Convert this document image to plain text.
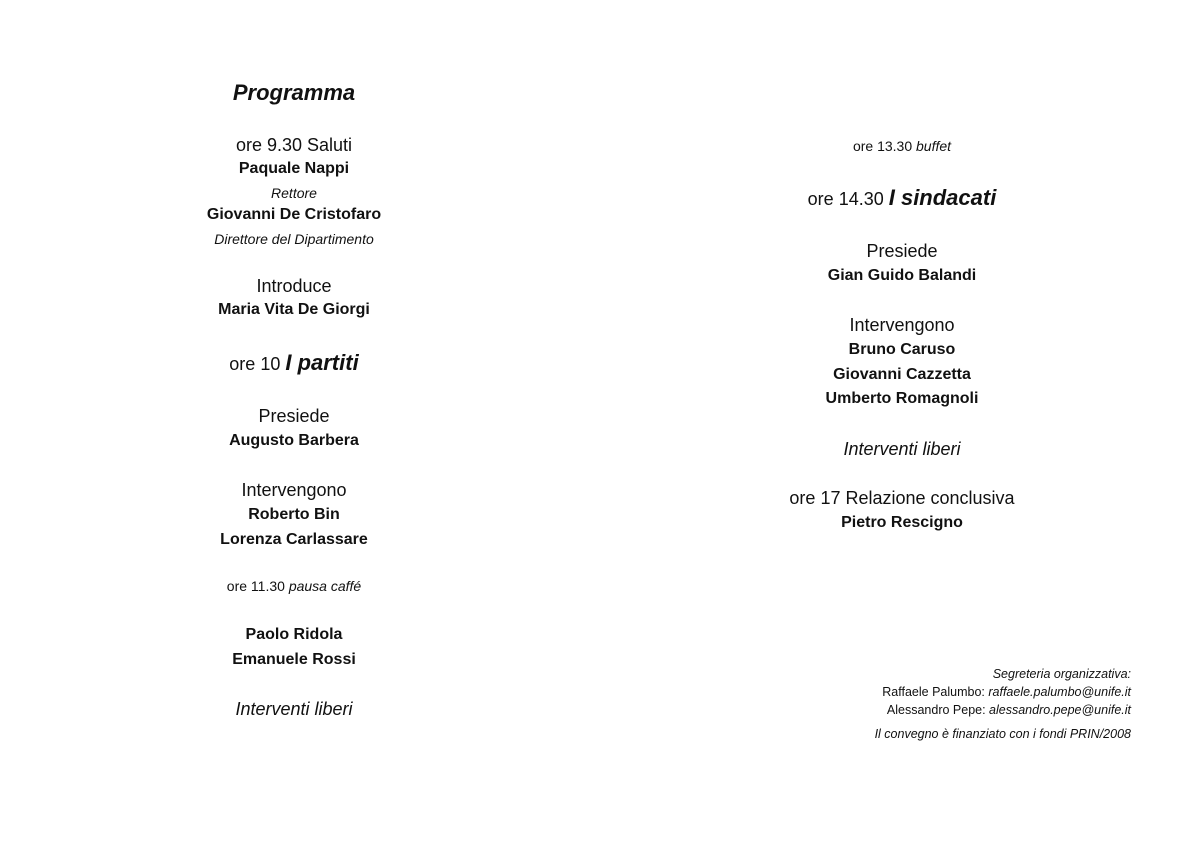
Programma
ore 9.30 Saluti
Paquale Nappi
Rettore
Giovanni De Cristofaro
Direttore del Dipartimento
Introduce
Maria Vita De Giorgi
ore 10 I partiti
Presiede
Augusto Barbera
Intervengono
Roberto Bin
Lorenza Carlassare
ore 11.30 pausa caffé
Paolo Ridola
Emanuele Rossi
Interventi liberi
ore 13.30 buffet
ore 14.30 I sindacati
Presiede
Gian Guido Balandi
Intervengono
Bruno Caruso
Giovanni Cazzetta
Umberto Romagnoli
Interventi liberi
ore 17 Relazione conclusiva
Pietro Rescigno
Segreteria organizzativa:
Raffaele Palumbo: raffaele.palumbo@unife.it
Alessandro Pepe: alessandro.pepe@unife.it
Il convegno è finanziato con i fondi PRIN/2008
